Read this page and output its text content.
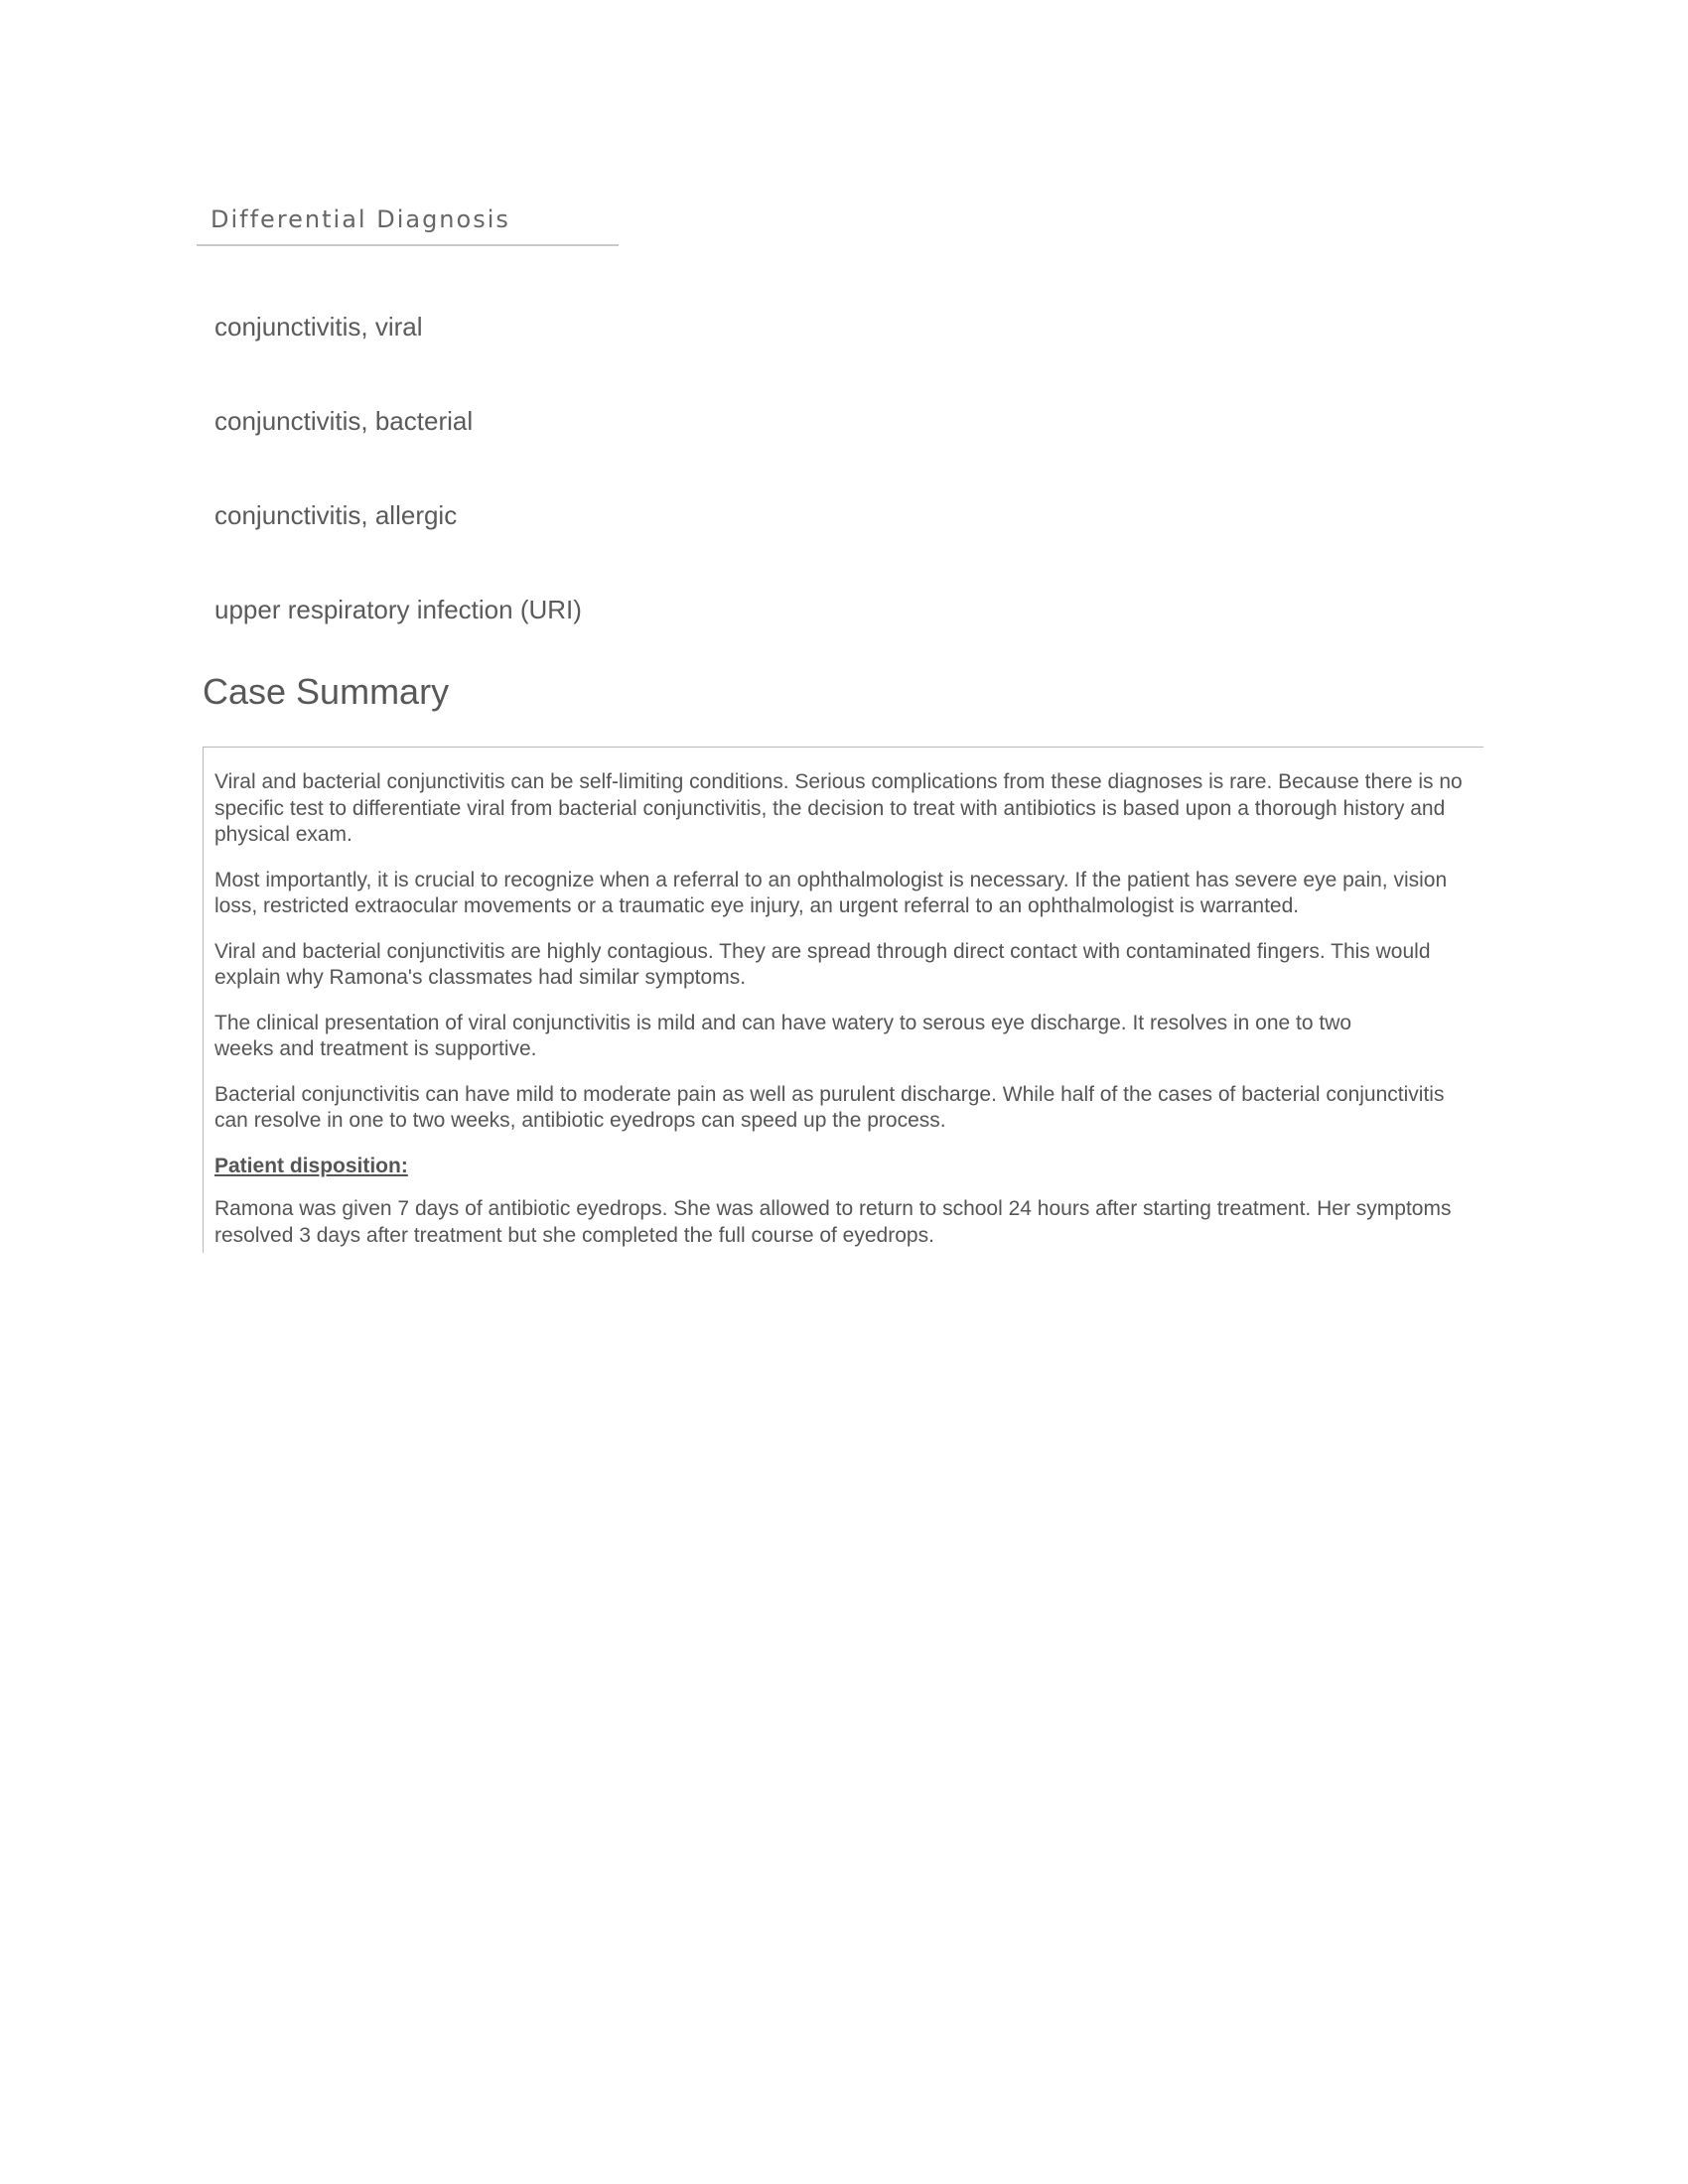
Differential Diagnosis
conjunctivitis, viral
conjunctivitis, bacterial
conjunctivitis, allergic
upper respiratory infection (URI)
Case Summary

Viral and bacterial conjunctivitis can be self-limiting conditions. Serious complications from these diagnoses is rare. Because there is no specific test to differentiate viral from bacterial conjunctivitis, the decision to treat with antibiotics is based upon a thorough history and physical exam.

Most importantly, it is crucial to recognize when a referral to an ophthalmologist is necessary. If the patient has severe eye pain, vision loss, restricted extraocular movements or a traumatic eye injury, an urgent referral to an ophthalmologist is warranted.

Viral and bacterial conjunctivitis are highly contagious. They are spread through direct contact with contaminated fingers. This would explain why Ramona's classmates had similar symptoms.

The clinical presentation of viral conjunctivitis is mild and can have watery to serous eye discharge. It resolves in one to two weeks and treatment is supportive.

Bacterial conjunctivitis can have mild to moderate pain as well as purulent discharge. While half of the cases of bacterial conjunctivitis can resolve in one to two weeks, antibiotic eyedrops can speed up the process.

Patient disposition:

Ramona was given 7 days of antibiotic eyedrops. She was allowed to return to school 24 hours after starting treatment. Her symptoms resolved 3 days after treatment but she completed the full course of eyedrops.
